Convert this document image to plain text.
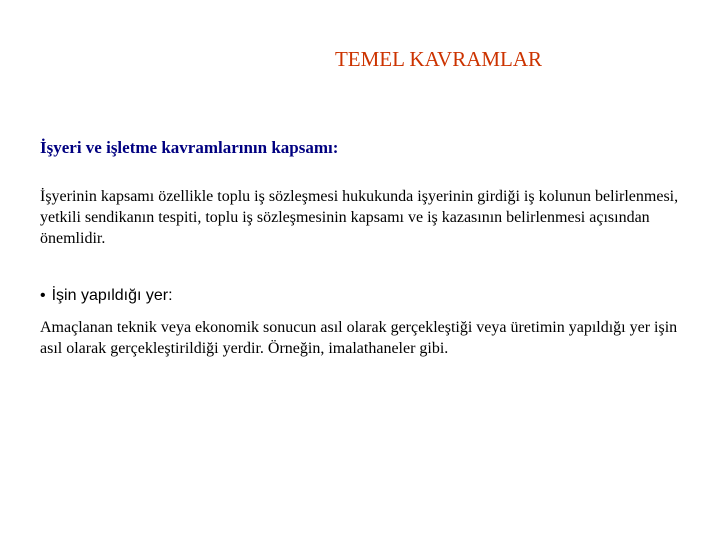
TEMEL KAVRAMLAR
İşyeri ve işletme kavramlarının kapsamı:
İşyerinin kapsamı özellikle toplu iş sözleşmesi hukukunda işyerinin girdiği iş kolunun belirlenmesi, yetkili sendikanın tespiti, toplu iş sözleşmesinin kapsamı ve iş kazasının belirlenmesi açısından önemlidir.
• İşin yapıldığı yer:
Amaçlanan teknik veya ekonomik sonucun asıl olarak gerçekleştiği veya üretimin yapıldığı yer işin asıl olarak gerçekleştirildiği yerdir. Örneğin, imalathaneler gibi.
